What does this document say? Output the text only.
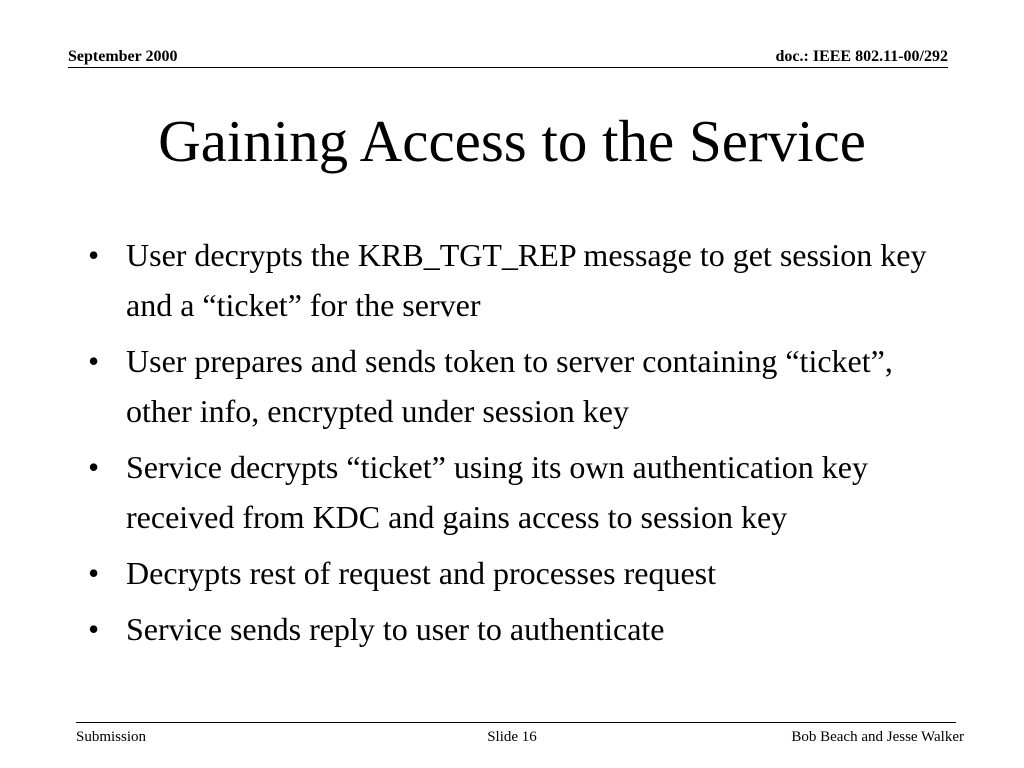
September 2000	doc.: IEEE 802.11-00/292
Gaining Access to the Service
• User decrypts the KRB_TGT_REP message to get session key and a “ticket” for the server
• User prepares and sends token to server containing “ticket”, other info, encrypted under session key
• Service decrypts “ticket” using its own authentication key received from KDC and gains access to session key
• Decrypts rest of request and processes request
• Service sends reply to user to authenticate
Submission	Slide 16	Bob Beach and Jesse Walker
